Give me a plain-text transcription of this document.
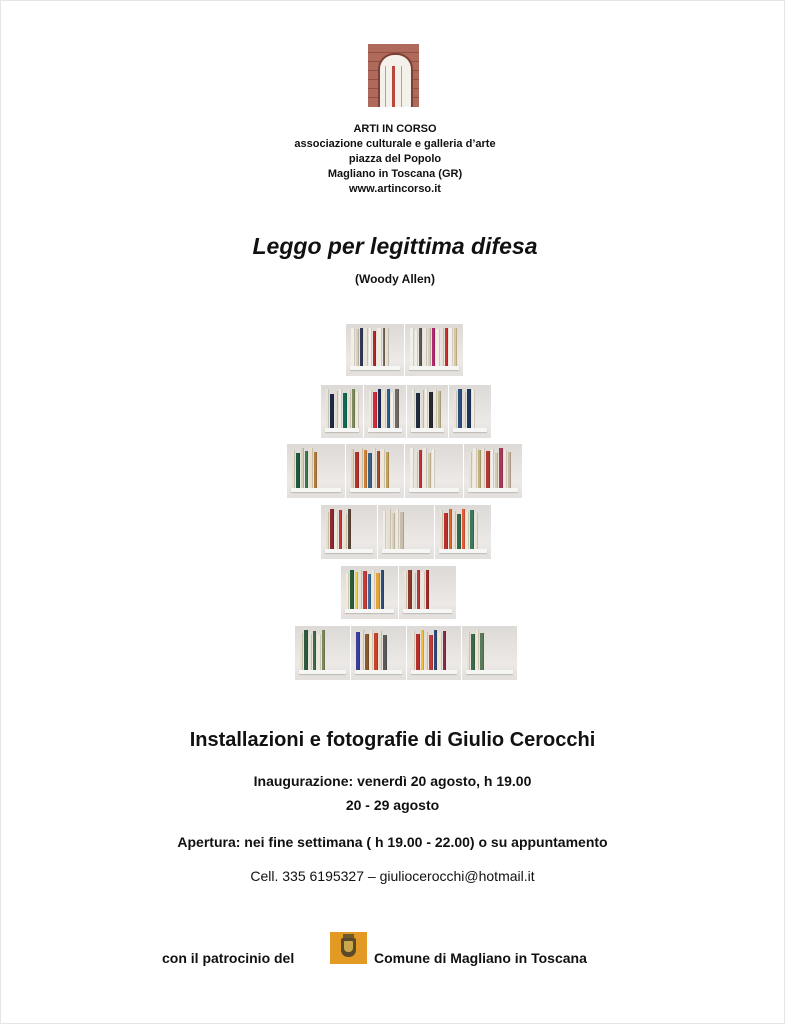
ARTI IN CORSO
associazione culturale e galleria d’arte
piazza del Popolo
Magliano in Toscana (GR)
www.artincorso.it
Leggo per legittima difesa
(Woody Allen)
Installazioni e fotografie di Giulio Cerocchi
Inaugurazione: venerdì 20 agosto, h 19.00
20 - 29 agosto
Apertura: nei fine settimana ( h 19.00 - 22.00) o su appuntamento
Cell. 335 6195327 – giuliocerocchi@hotmail.it
con il patrocinio del	Comune di Magliano in Toscana
